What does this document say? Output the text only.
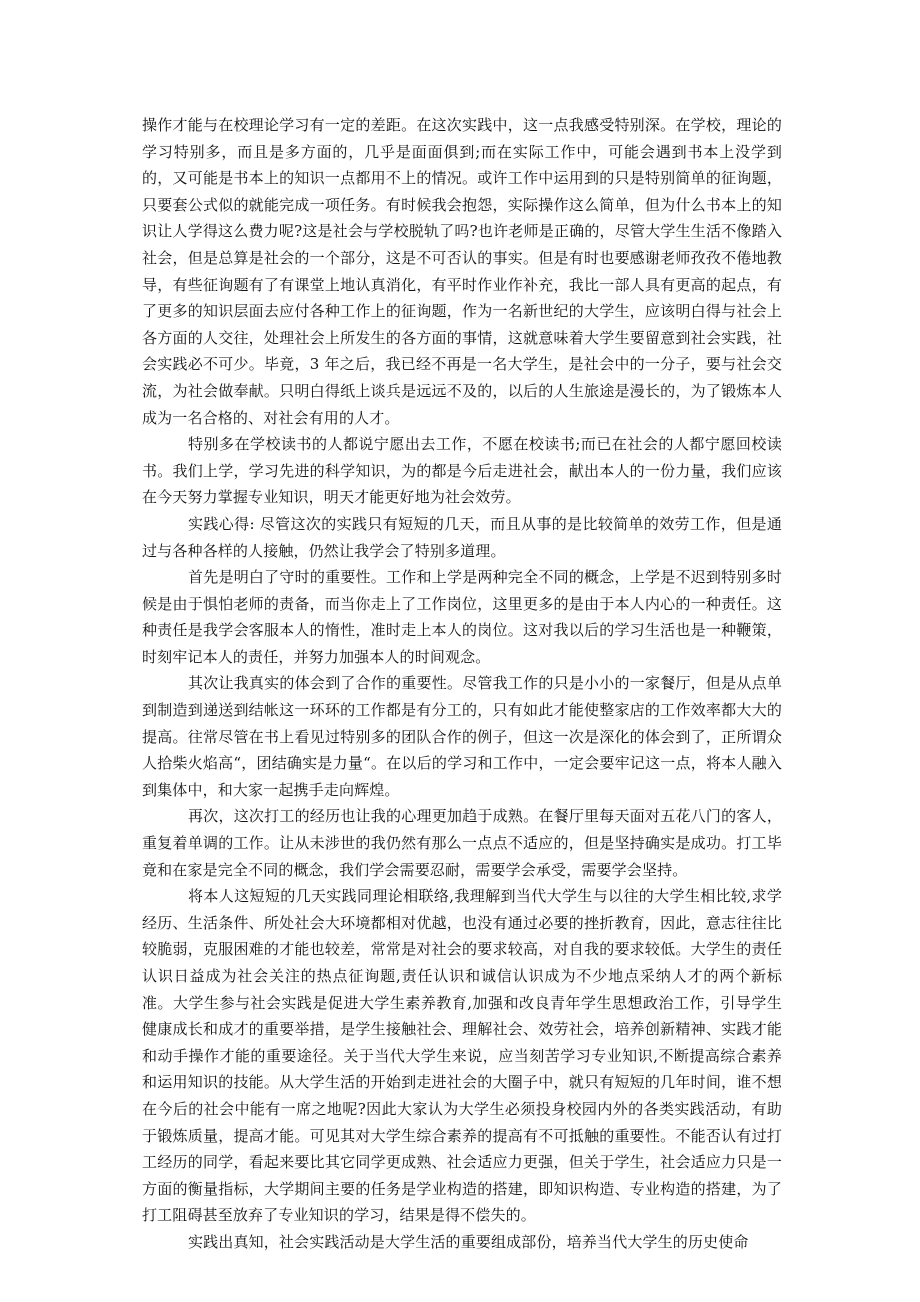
操作才能与在校理论学习有一定的差距。在这次实践中，这一点我感受特别深。在学校，理论的学习特别多，而且是多方面的，几乎是面面俱到;而在实际工作中，可能会遇到书本上没学到的，又可能是书本上的知识一点都用不上的情况。或许工作中运用到的只是特别简单的征询题，只要套公式似的就能完成一项任务。有时候我会抱怨，实际操作这么简单，但为什么书本上的知识让人学得这么费力呢?这是社会与学校脱轨了吗?也许老师是正确的，尽管大学生生活不像踏入社会，但是总算是社会的一个部分，这是不可否认的事实。但是有时也要感谢老师孜孜不倦地教导，有些征询题有了有课堂上地认真消化，有平时作业作补充，我比一部人具有更高的起点，有了更多的知识层面去应付各种工作上的征询题，作为一名新世纪的大学生，应该明白得与社会上各方面的人交往，处理社会上所发生的各方面的事情，这就意味着大学生要留意到社会实践，社会实践必不可少。毕竟，3 年之后，我已经不再是一名大学生，是社会中的一分子，要与社会交流，为社会做奉献。只明白得纸上谈兵是远远不及的，以后的人生旅途是漫长的，为了锻炼本人成为一名合格的、对社会有用的人才。

特别多在学校读书的人都说宁愿出去工作，不愿在校读书;而已在社会的人都宁愿回校读书。我们上学，学习先进的科学知识，为的都是今后走进社会，献出本人的一份力量，我们应该在今天努力掌握专业知识，明天才能更好地为社会效劳。

实践心得: 尽管这次的实践只有短短的几天，而且从事的是比较简单的效劳工作，但是通过与各种各样的人接触，仍然让我学会了特别多道理。

首先是明白了守时的重要性。工作和上学是两种完全不同的概念，上学是不迟到特别多时候是由于惧怕老师的责备，而当你走上了工作岗位，这里更多的是由于本人内心的一种责任。这种责任是我学会客服本人的惰性，准时走上本人的岗位。这对我以后的学习生活也是一种鞭策，时刻牢记本人的责任，并努力加强本人的时间观念。

其次让我真实的体会到了合作的重要性。尽管我工作的只是小小的一家餐厅，但是从点单到制造到递送到结帐这一环环的工作都是有分工的，只有如此才能使整家店的工作效率都大大的提高。往常尽管在书上看见过特别多的团队合作的例子，但这一次是深化的体会到了，正所谓众人拾柴火焰高“，团结确实是力量“。在以后的学习和工作中，一定会要牢记这一点，将本人融入到集体中，和大家一起携手走向辉煌。

再次，这次打工的经历也让我的心理更加趋于成熟。在餐厅里每天面对五花八门的客人，重复着单调的工作。让从未涉世的我仍然有那么一点点不适应的，但是坚持确实是成功。打工毕竟和在家是完全不同的概念，我们学会需要忍耐，需要学会承受，需要学会坚持。

将本人这短短的几天实践同理论相联络,我理解到当代大学生与以往的大学生相比较,求学经历、生活条件、所处社会大环境都相对优越，也没有通过必要的挫折教育，因此，意志往往比较脆弱，克服困难的才能也较差，常常是对社会的要求较高，对自我的要求较低。大学生的责任认识日益成为社会关注的热点征询题,责任认识和诚信认识成为不少地点采纳人才的两个新标准。大学生参与社会实践是促进大学生素养教育,加强和改良青年学生思想政治工作，引导学生健康成长和成才的重要举措，是学生接触社会、理解社会、效劳社会，培养创新精神、实践才能和动手操作才能的重要途径。关于当代大学生来说，应当刻苦学习专业知识,不断提高综合素养和运用知识的技能。从大学生活的开始到走进社会的大圈子中，就只有短短的几年时间，谁不想在今后的社会中能有一席之地呢?因此大家认为大学生必须投身校园内外的各类实践活动，有助于锻炼质量，提高才能。可见其对大学生综合素养的提高有不可抵触的重要性。不能否认有过打工经历的同学，看起来要比其它同学更成熟、社会适应力更强，但关于学生，社会适应力只是一方面的衡量指标，大学期间主要的任务是学业构造的搭建，即知识构造、专业构造的搭建，为了打工阻碍甚至放弃了专业知识的学习，结果是得不偿失的。

实践出真知，社会实践活动是大学生活的重要组成部份，培养当代大学生的历史使命
